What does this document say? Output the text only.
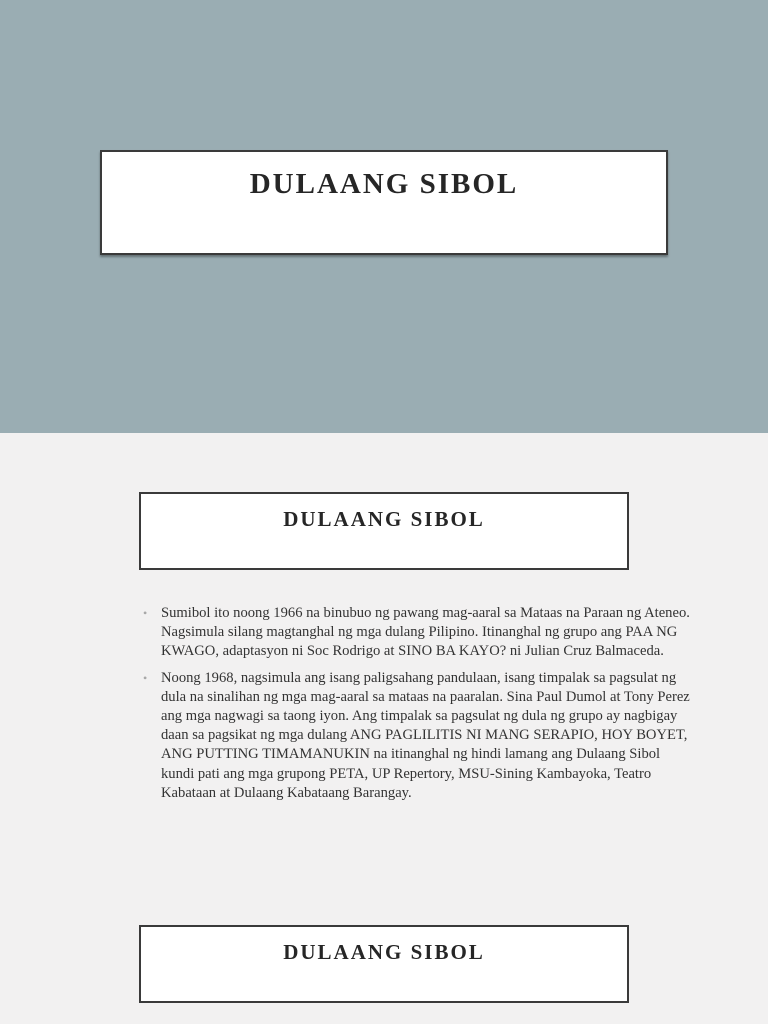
DULAANG SIBOL
DULAANG SIBOL
• Sumibol ito noong 1966 na binubuo ng pawang mag-aaral sa Mataas na Paraan ng Ateneo. Nagsimula silang magtanghal ng mga dulang Pilipino. Itinanghal ng grupo ang PAA NG KWAGO, adaptasyon ni Soc Rodrigo at SINO BA KAYO? ni Julian Cruz Balmaceda.
• Noong 1968, nagsimula ang isang paligsahang pandulaan, isang timpalak sa pagsulat ng dula na sinalihan ng mga mag-aaral sa mataas na paaralan. Sina Paul Dumol at Tony Perez ang mga nagwagi sa taong iyon. Ang timpalak sa pagsulat ng dula ng grupo ay nagbigay daan sa pagsikat ng mga dulang ANG PAGLILITIS NI MANG SERAPIO, HOY BOYET, ANG PUTTING TIMAMANUKIN na itinanghal ng hindi lamang ang Dulaang Sibol kundi pati ang mga grupong PETA, UP Repertory, MSU-Sining Kambayoka, Teatro Kabataan at Dulaang Kabataang Barangay.
DULAANG SIBOL
